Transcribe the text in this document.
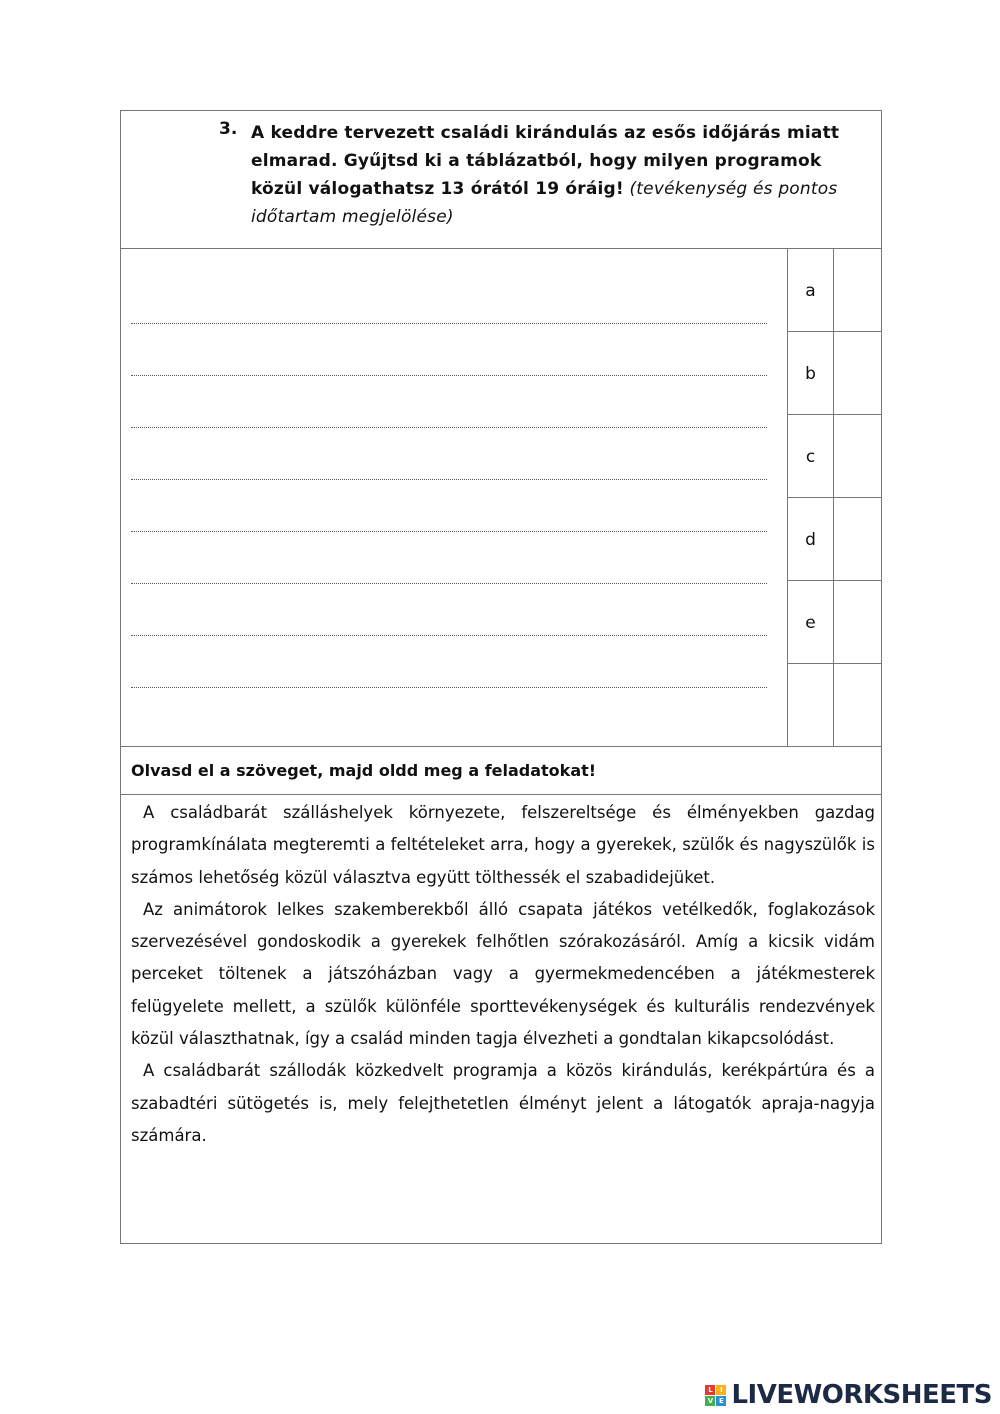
3. A keddre tervezett családi kirándulás az esős időjárás miatt elmarad. Gyűjtsd ki a táblázatból, hogy milyen programok közül válogathatsz 13 órától 19 óráig! (tevékenység és pontos időtartam megjelölése)
a
b
c
d
e
Olvasd el a szöveget, majd oldd meg a feladatokat!

A családbarát szálláshelyek környezete, felszereltsége és élményekben gazdag programkínálata megteremti a feltételeket arra, hogy a gyerekek, szülők és nagyszülők is számos lehetőség közül választva együtt tölthessék el szabadidejüket.

Az animátorok lelkes szakemberekből álló csapata játékos vetélkedők, foglakozások szervezésével gondoskodik a gyerekek felhőtlen szórakozásáról. Amíg a kicsik vidám perceket töltenek a játszóházban vagy a gyermekmedencében a játékmesterek felügyelete mellett, a szülők különféle sporttevékenységek és kulturális rendezvények közül választhatnak, így a család minden tagja élvezheti a gondtalan kikapcsolódást.

A családbarát szállodák közkedvelt programja a közös kirándulás, kerékpártúra és a szabadtéri sütögetés is, mely felejthetetlen élményt jelent a látogatók apraja-nagyja számára.

L	I
V E LIVEWORKSHEETS
